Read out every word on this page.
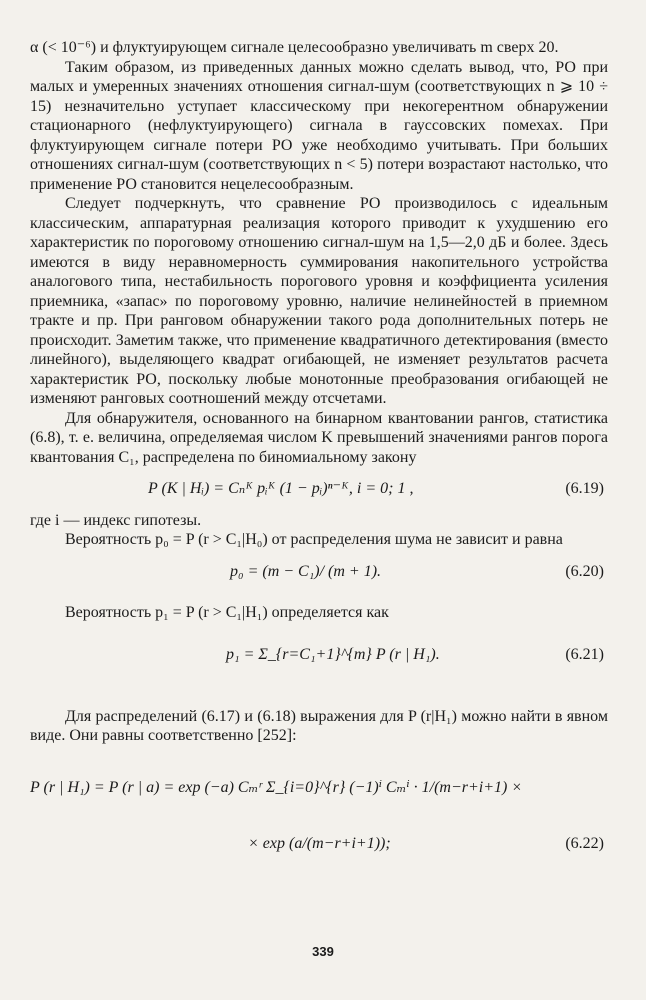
α (< 10⁻⁶) и флуктуирующем сигнале целесообразно увеличивать m сверх 20.

Таким образом, из приведенных данных можно сделать вывод, что, РО при малых и умеренных значениях отношения сигнал-шум (соответствующих n ⩾ 10 ÷ 15) незначительно уступает классическому при некогерентном обнаружении стационарного (нефлуктуирующего) сигнала в гауссовских помехах. При флуктуирующем сигнале потери РО уже необходимо учитывать. При больших отношениях сигнал-шум (соответствующих n < 5) потери возрастают настолько, что применение РО становится нецелесообразным.

Следует подчеркнуть, что сравнение РО производилось с идеальным классическим, аппаратурная реализация которого приводит к ухудшению его характеристик по пороговому отношению сигнал-шум на 1,5—2,0 дБ и более. Здесь имеются в виду неравномерность суммирования накопительного устройства аналогового типа, нестабильность порогового уровня и коэффициента усиления приемника, «запас» по пороговому уровню, наличие нелинейностей в приемном тракте и пр. При ранговом обнаружении такого рода дополнительных потерь не происходит. Заметим также, что применение квадратичного детектирования (вместо линейного), выделяющего квадрат огибающей, не изменяет результатов расчета характеристик РО, поскольку любые монотонные преобразования огибающей не изменяют ранговых соотношений между отсчетами.

Для обнаружителя, основанного на бинарном квантовании рангов, статистика (6.8), т. е. величина, определяемая числом K превышений значениями рангов порога квантования C₁, распределена по биномиальному закону

P (K | Hᵢ) = Cₙᴷ pᵢᴷ (1 − pᵢ)ⁿ⁻ᴷ, i = 0; 1 ,	(6.19)

где i — индекс гипотезы.

Вероятность p₀ = P (r > C₁|H₀) от распределения шума не зависит и равна

p₀ = (m − C₁)/ (m + 1).	(6.20)

Вероятность p₁ = P (r > C₁|H₁) определяется как

p₁ = Σ_{r=C₁+1}^{m} P (r | H₁).	(6.21)

Для распределений (6.17) и (6.18) выражения для P (r|H₁) можно найти в явном виде. Они равны соответственно [252]:

P (r | H₁) = P (r | a) = exp (−a) Cₘʳ Σ_{i=0}^{r} (−1)ⁱ Cₘⁱ · 1/(m−r+i+1) ×
× exp (a/(m−r+i+1));	(6.22)
339
